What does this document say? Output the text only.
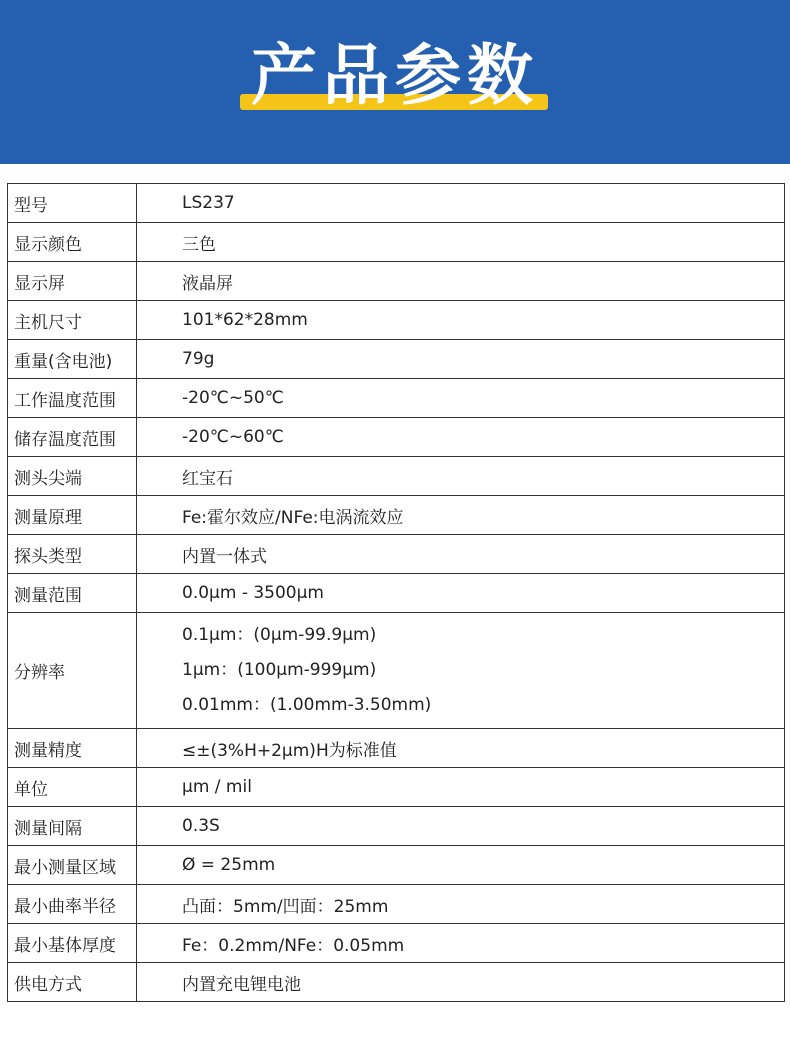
产品参数
型号	LS237
显示颜色	三色
显示屏	液晶屏
主机尺寸	101*62*28mm
重量(含电池)	79g
工作温度范围	-20℃~50℃
储存温度范围	-20℃~60℃
测头尖端	红宝石
测量原理	Fe:霍尔效应/NFe:电涡流效应
探头类型	内置一体式
测量范围	0.0μm - 3500μm
分辨率	0.1μm：(0μm-99.9μm)
1μm：(100μm-999μm)
0.01mm：(1.00mm-3.50mm)

测量精度	≤±(3%H+2μm)H为标准值
单位	μm / mil
测量间隔	0.3S
最小测量区域	Ø = 25mm
最小曲率半径	凸面：5mm/凹面：25mm
最小基体厚度	Fe：0.2mm/NFe：0.05mm
供电方式	内置充电锂电池
